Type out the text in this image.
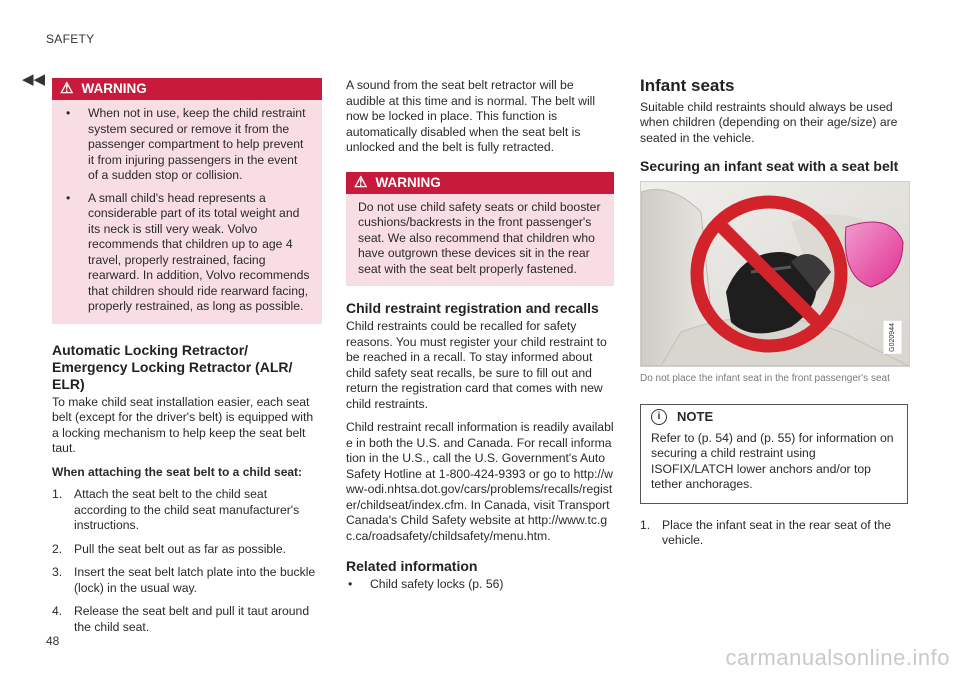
SAFETY
◀◀
⚠ WARNING
•	When not in use, keep the child restraint system secured or remove it from the passenger compartment to help prevent it from injuring passengers in the event of a sudden stop or collision.
•	A small child's head represents a considerable part of its total weight and its neck is still very weak. Volvo recommends that children up to age 4 travel, properly restrained, facing rearward. In addition, Volvo recommends that children should ride rearward facing, properly restrained, as long as possible.
Automatic Locking Retractor/ Emergency Locking Retractor (ALR/ ELR)

To make child seat installation easier, each seat belt (except for the driver's belt) is equipped with a locking mechanism to help keep the seat belt taut.

When attaching the seat belt to a child seat:
1. Attach the seat belt to the child seat according to the child seat manufacturer's instructions.
2. Pull the seat belt out as far as possible.
3. Insert the seat belt latch plate into the buckle (lock) in the usual way.
4. Release the seat belt and pull it taut around the child seat.

A sound from the seat belt retractor will be audible at this time and is normal. The belt will now be locked in place. This function is automatically disabled when the seat belt is unlocked and the belt is fully retracted.

⚠ WARNING

Do not use child safety seats or child booster cushions/backrests in the front passenger's seat. We also recommend that children who have outgrown these devices sit in the rear seat with the seat belt properly fastened.

Child restraint registration and recalls

Child restraints could be recalled for safety reasons. You must register your child restraint to be reached in a recall. To stay informed about child safety seat recalls, be sure to fill out and return the registration card that comes with new child restraints.

Child restraint recall information is readily available in both the U.S. and Canada. For recall information in the U.S., call the U.S. Government's Auto Safety Hotline at 1-800-424-9393 or go to http://www-odi.nhtsa.dot.gov/cars/problems/recalls/register/childseat/index.cfm. In Canada, visit Transport Canada's Child Safety website at http://www.tc.gc.ca/roadsafety/childsafety/menu.htm.

Related information
•	Child safety locks (p. 56)
Infant seats

Suitable child restraints should always be used when children (depending on their age/size) are seated in the vehicle.

Securing an infant seat with a seat belt
G020944
Do not place the infant seat in the front passenger's seat
i	NOTE
Refer to (p. 54) and (p. 55) for information on securing a child restraint using ISOFIX/LATCH lower anchors and/or top tether anchorages.
1. Place the infant seat in the rear seat of the vehicle.
48
carmanualsonline.info
